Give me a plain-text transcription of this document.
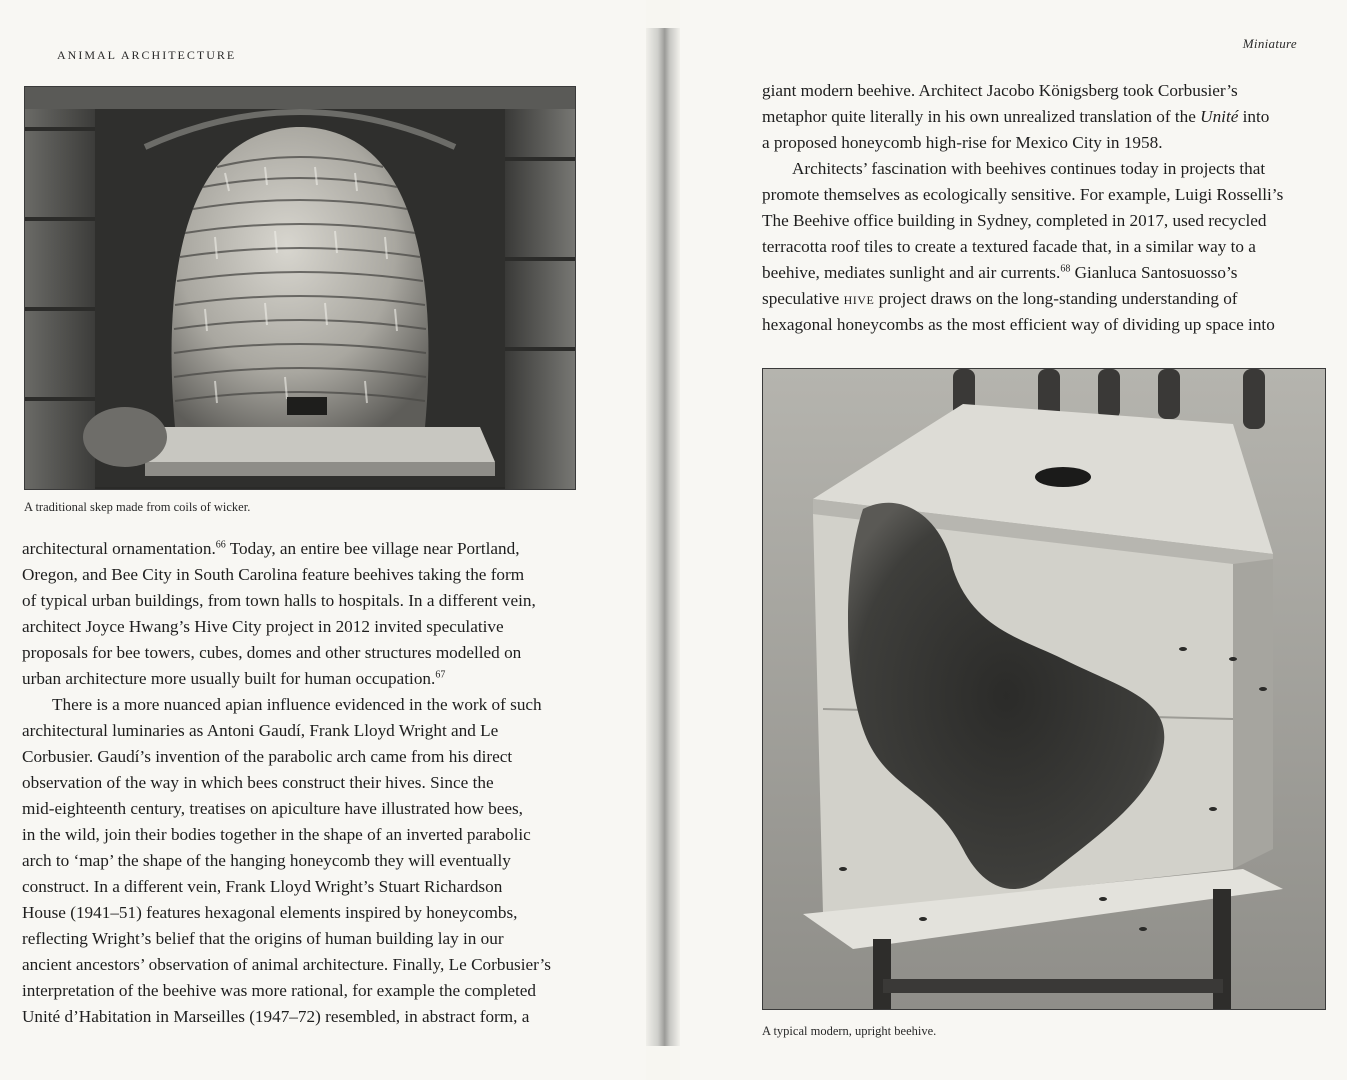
ANIMAL ARCHITECTURE
A traditional skep made from coils of wicker.
architectural ornamentation.$^{66}$ Today, an entire bee village near Portland,
Oregon, and Bee City in South Carolina feature beehives taking the form
of typical urban buildings, from town halls to hospitals. In a different vein,
architect Joyce Hwang’s Hive City project in 2012 invited speculative
proposals for bee towers, cubes, domes and other structures modelled on
urban architecture more usually built for human occupation.$^{67}$
There is a more nuanced apian influence evidenced in the work of such
architectural luminaries as Antoni Gaudí, Frank Lloyd Wright and Le
Corbusier. Gaudí’s invention of the parabolic arch came from his direct
observation of the way in which bees construct their hives. Since the
mid-eighteenth century, treatises on apiculture have illustrated how bees,
in the wild, join their bodies together in the shape of an inverted parabolic
arch to ‘map’ the shape of the hanging honeycomb they will eventually
construct. In a different vein, Frank Lloyd Wright’s Stuart Richardson
House (1941–51) features hexagonal elements inspired by honeycombs,
reflecting Wright’s belief that the origins of human building lay in our
ancient ancestors’ observation of animal architecture. Finally, Le Corbusier’s
interpretation of the beehive was more rational, for example the completed
Unité d’Habitation in Marseilles (1947–72) resembled, in abstract form, a
Miniature
giant modern beehive. Architect Jacobo Königsberg took Corbusier’s
metaphor quite literally in his own unrealized translation of the Unité into
a proposed honeycomb high-rise for Mexico City in 1958.
Architects’ fascination with beehives continues today in projects that
promote themselves as ecologically sensitive. For example, Luigi Rosselli’s
The Beehive office building in Sydney, completed in 2017, used recycled
terracotta roof tiles to create a textured facade that, in a similar way to a
beehive, mediates sunlight and air currents.$^{68}$ Gianluca Santosuosso’s
speculative hive project draws on the long-standing understanding of
hexagonal honeycombs as the most efficient way of dividing up space into
A typical modern, upright beehive.
